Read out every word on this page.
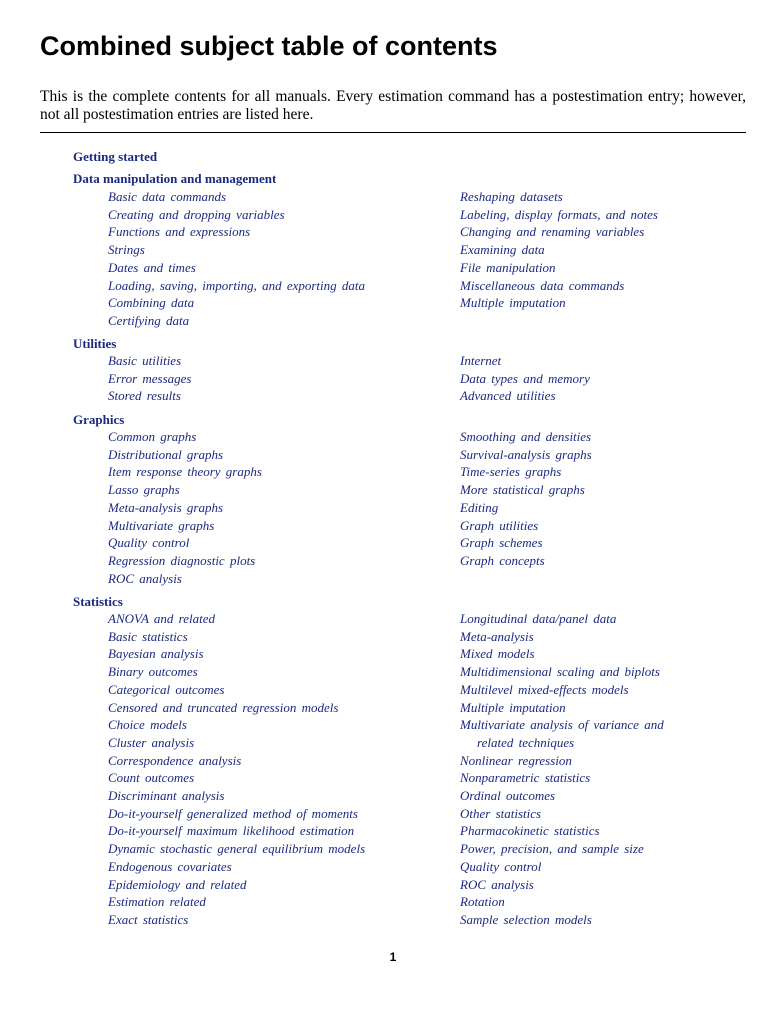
Combined subject table of contents

This is the complete contents for all manuals. Every estimation command has a postestimation entry; however, not all postestimation entries are listed here.

Getting started
Data manipulation and management
Basic data commands
Creating and dropping variables
Functions and expressions
Strings
Dates and times
Loading, saving, importing, and exporting data
Combining data
Certifying data
Reshaping datasets
Labeling, display formats, and notes
Changing and renaming variables
Examining data
File manipulation
Miscellaneous data commands
Multiple imputation
Utilities
Basic utilities
Error messages
Stored results
Internet
Data types and memory
Advanced utilities
Graphics
Common graphs
Distributional graphs
Item response theory graphs
Lasso graphs
Meta-analysis graphs
Multivariate graphs
Quality control
Regression diagnostic plots
ROC analysis
Smoothing and densities
Survival-analysis graphs
Time-series graphs
More statistical graphs
Editing
Graph utilities
Graph schemes
Graph concepts
Statistics
ANOVA and related
Basic statistics
Bayesian analysis
Binary outcomes
Categorical outcomes
Censored and truncated regression models
Choice models
Cluster analysis
Correspondence analysis
Count outcomes
Discriminant analysis
Do-it-yourself generalized method of moments
Do-it-yourself maximum likelihood estimation
Dynamic stochastic general equilibrium models
Endogenous covariates
Epidemiology and related
Estimation related
Exact statistics
Longitudinal data/panel data
Meta-analysis
Mixed models
Multidimensional scaling and biplots
Multilevel mixed-effects models
Multiple imputation
Multivariate analysis of variance and
related techniques
Nonlinear regression
Nonparametric statistics
Ordinal outcomes
Other statistics
Pharmacokinetic statistics
Power, precision, and sample size
Quality control
ROC analysis
Rotation
Sample selection models
1
